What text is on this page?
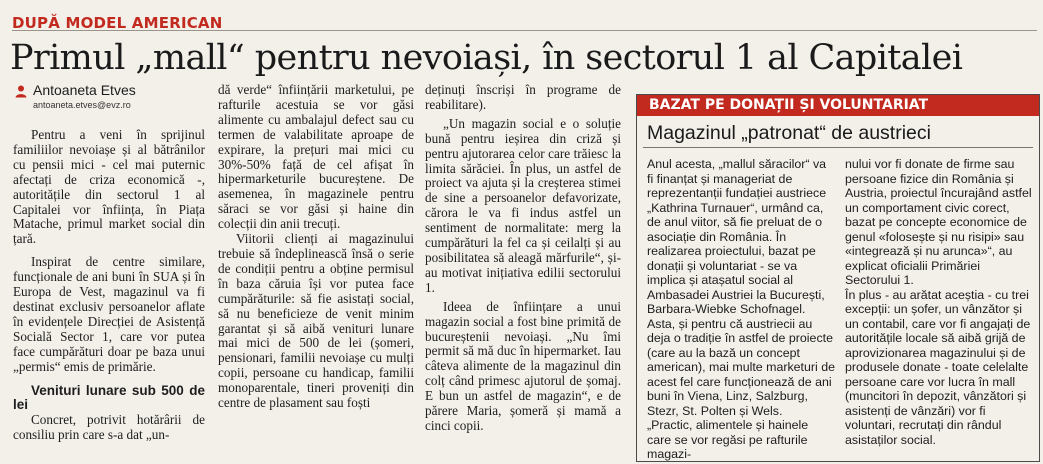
DUPĂ MODEL AMERICAN
Primul „mall“ pentru nevoiași, în sectorul 1 al Capitalei
Antoaneta Etves
antoaneta.etves@evz.ro

Pentru a veni în sprijinul familiilor nevoiașe și al bătrânilor cu pensii mici - cel mai puternic afectați de criza economică -, autoritățile din sectorul 1 al Capitalei vor înființa, în Piața Matache, primul market social din țară.

Inspirat de centre similare, funcționale de ani buni în SUA și în Europa de Vest, magazinul va fi destinat exclusiv persoanelor aflate în evidențele Direcției de Asistență Socială Sector 1, care vor putea face cumpărături doar pe baza unui „permis“ emis de primărie.

Venituri lunare sub 500 de lei

Concret, potrivit hotărârii de consiliu prin care s-a dat „un-

dă verde“ înființării marketului, pe rafturile acestuia se vor găsi alimente cu ambalajul defect sau cu termen de valabilitate aproape de expirare, la prețuri mai mici cu 30%-50% față de cel afișat în hipermarketurile bucureștene. De asemenea, în magazinele pentru săraci se vor găsi și haine din colecții din anii trecuți.

Viitorii clienți ai magazinului trebuie să îndeplinească însă o serie de condiții pentru a obține permisul în baza căruia își vor putea face cumpărăturile: să fie asistați social, să nu beneficieze de venit minim garantat și să aibă venituri lunare mai mici de 500 de lei (șomeri, pensionari, familii nevoiașe cu mulți copii, persoane cu handicap, familii monoparentale, tineri proveniți din centre de plasament sau foști

deținuți înscriși în programe de reabilitare).

„Un magazin social e o soluție bună pentru ieșirea din criză și pentru ajutorarea celor care trăiesc la limita sărăciei. În plus, un astfel de proiect va ajuta și la creșterea stimei de sine a persoanelor defavorizate, cărora le va fi indus astfel un sentiment de normalitate: merg la cumpărături la fel ca și ceilalți și au posibilitatea să aleagă mărfurile“, și-au motivat inițiativa edilii sectorului 1.

Ideea de înființare a unui magazin social a fost bine primită de bucureștenii nevoiași. „Nu îmi permit să mă duc în hipermarket. Iau câteva alimente de la magazinul din colț când primesc ajutorul de șomaj. E bun un astfel de magazin“, e de părere Maria, șomeră și mamă a cinci copii.

BAZAT PE DONAȚII ȘI VOLUNTARIAT
Magazinul „patronat“ de austrieci

Anul acesta, „mallul săracilor“ va fi finanțat și manageriat de reprezentanții fundației austriece „Kathrina Turnauer“, urmând ca, de anul viitor, să fie preluat de o asociație din România. În realizarea proiectului, bazat pe donații și voluntariat - se va implica și atașatul social al Ambasadei Austriei la București, Barbara-Wiebke Schofnagel. Asta, și pentru că austriecii au deja o tradiție în astfel de proiecte (care au la bază un concept american), mai multe marketuri de acest fel care funcționează de ani buni în Viena, Linz, Salzburg, Stezr, St. Polten și Wels.

„Practic, alimentele și hainele care se vor regăsi pe rafturile magazi-

nului vor fi donate de firme sau persoane fizice din România și Austria, proiectul încurajând astfel un comportament civic corect, bazat pe concepte economice de genul «folosește și nu risipi» sau «integrează și nu arunca»“, au explicat oficialii Primăriei Sectorului 1.

În plus - au arătat aceștia - cu trei excepții: un șofer, un vânzător și un contabil, care vor fi angajați de autoritățile locale să aibă grijă de aprovizionarea magazinului și de produsele donate - toate celelalte persoane care vor lucra în mall (muncitori în depozit, vânzători și asistenți de vânzări) vor fi voluntari, recrutați din rândul asistaților social.
